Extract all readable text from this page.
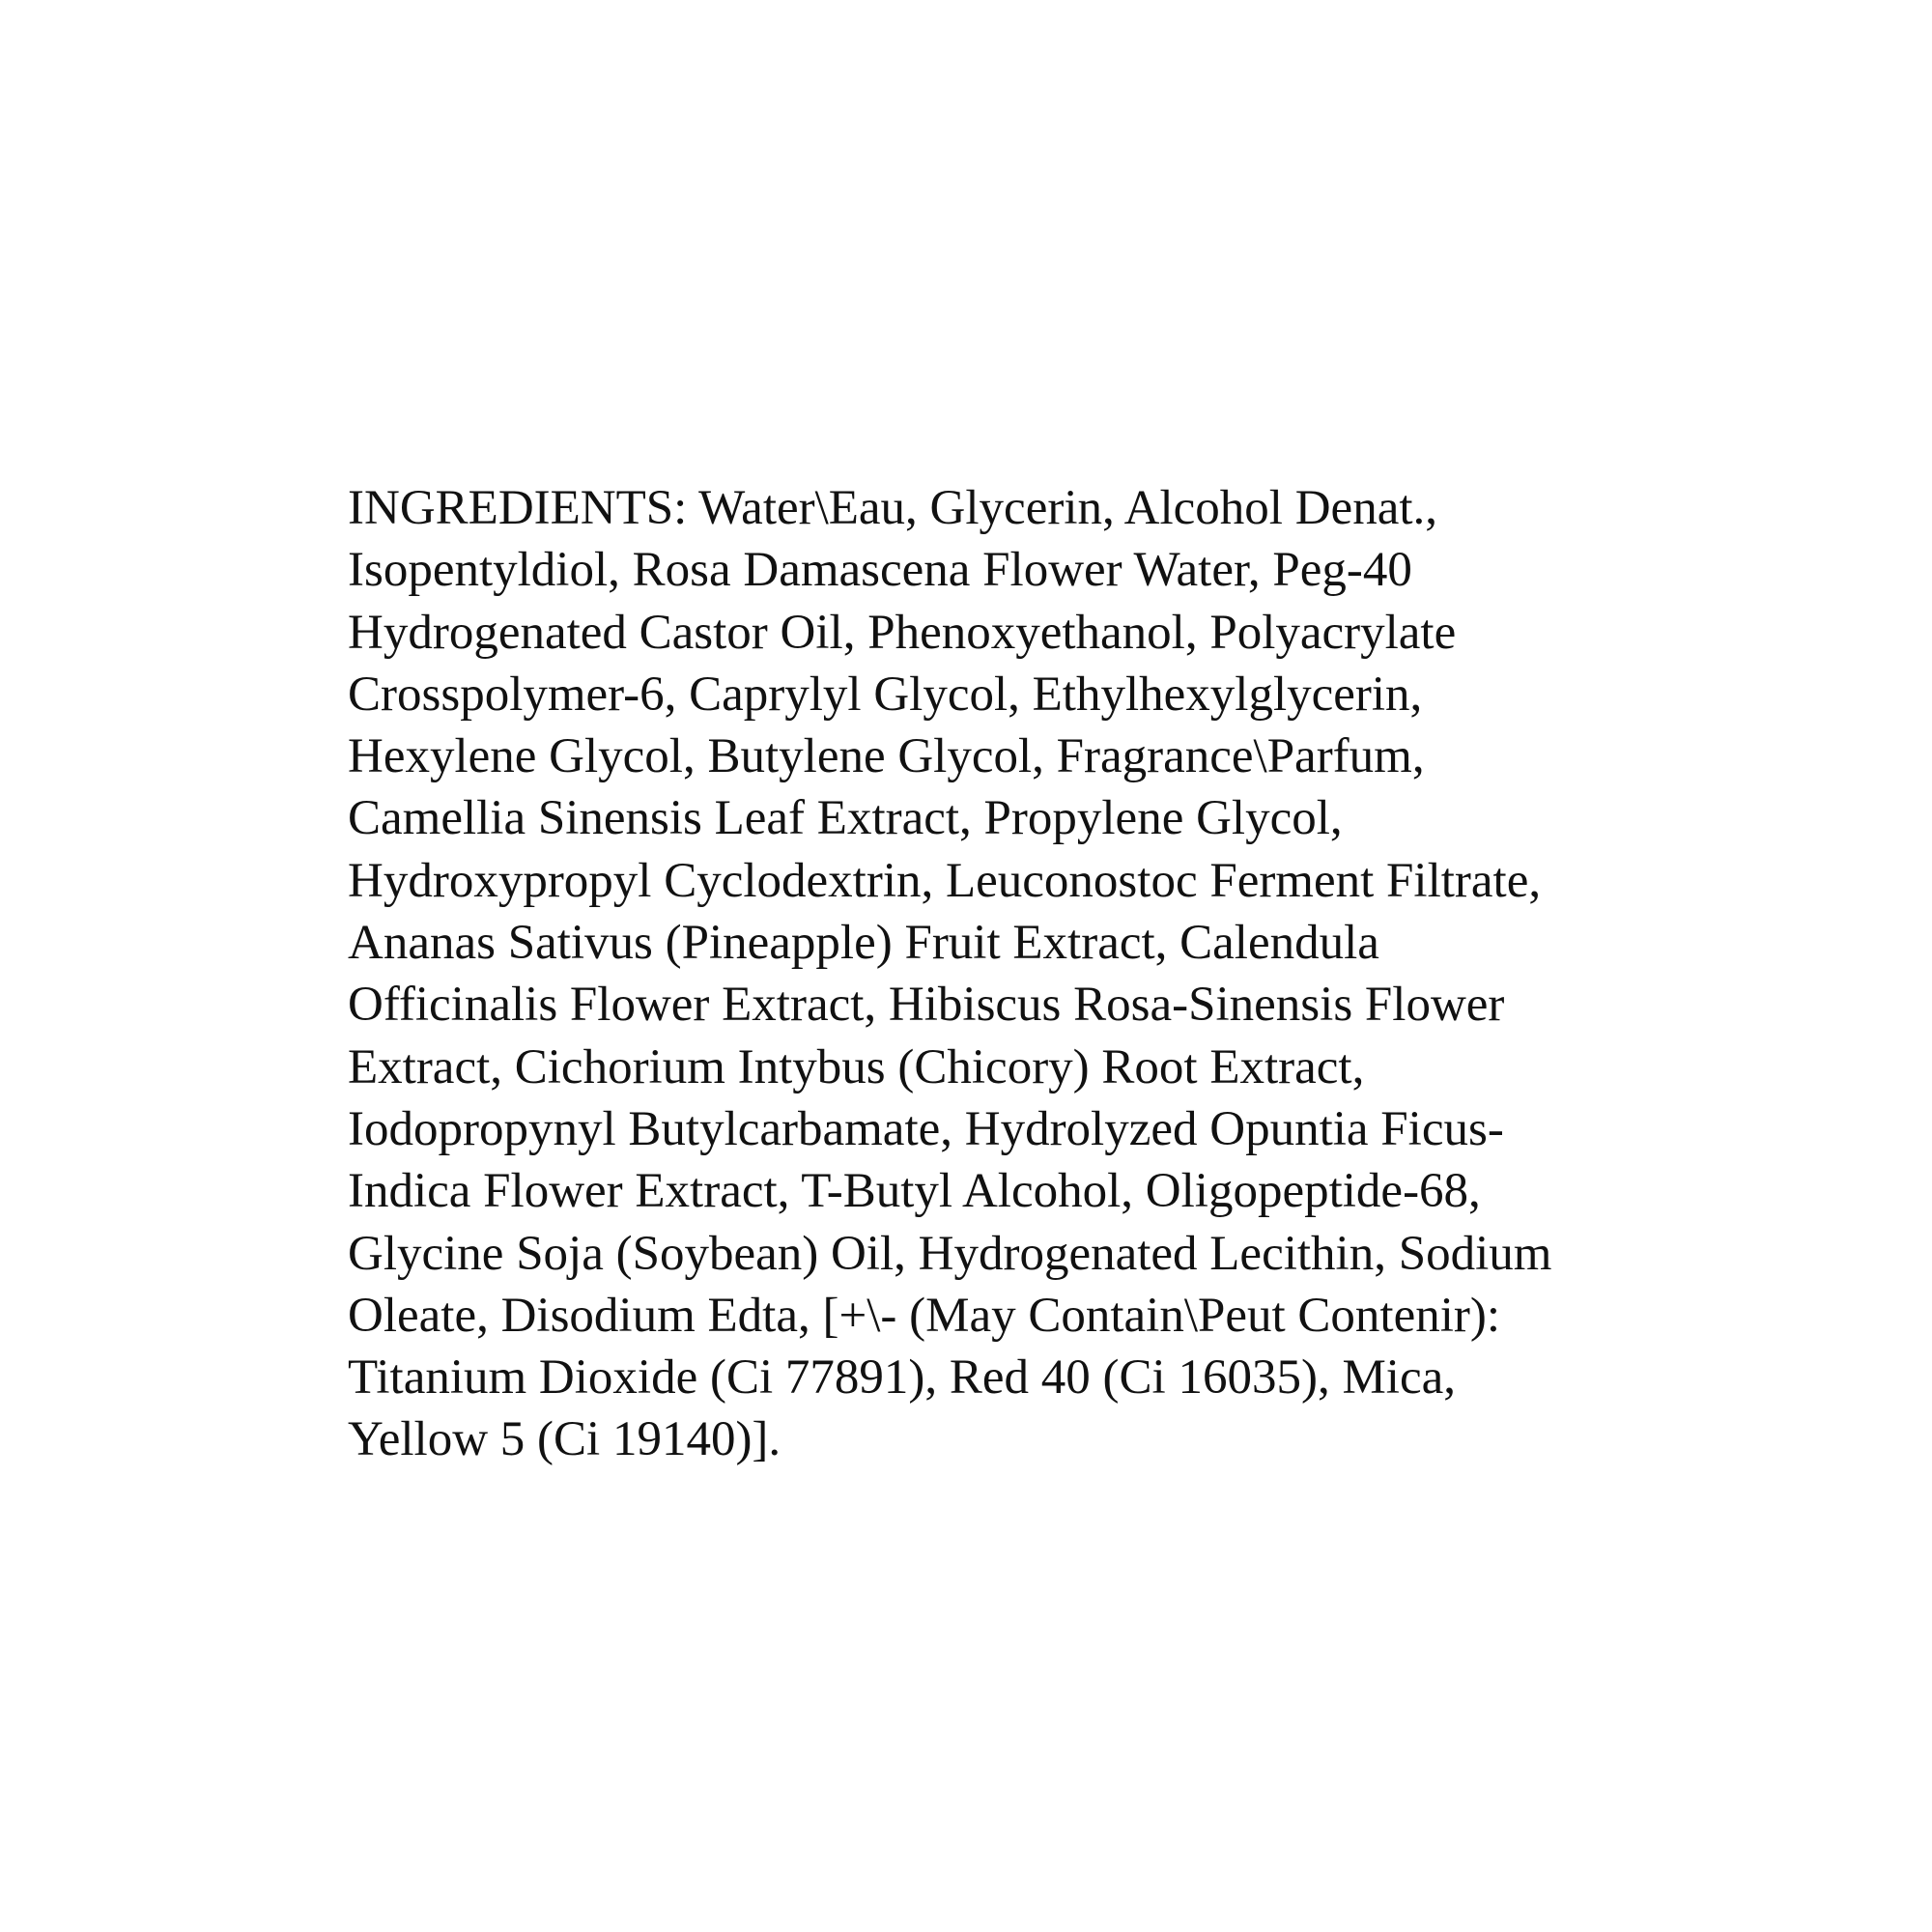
INGREDIENTS: Water\Eau, Glycerin, Alcohol Denat.,

Isopentyldiol, Rosa Damascena Flower Water, Peg-40

Hydrogenated Castor Oil, Phenoxyethanol, Polyacrylate

Crosspolymer-6, Caprylyl Glycol, Ethylhexylglycerin,

Hexylene Glycol, Butylene Glycol, Fragrance\Parfum,

Camellia Sinensis Leaf Extract, Propylene Glycol,

Hydroxypropyl Cyclodextrin, Leuconostoc Ferment Filtrate,

Ananas Sativus (Pineapple) Fruit Extract, Calendula

Officinalis Flower Extract, Hibiscus Rosa-Sinensis Flower

Extract, Cichorium Intybus (Chicory) Root Extract,

Iodopropynyl Butylcarbamate, Hydrolyzed Opuntia Ficus-

Indica Flower Extract, T-Butyl Alcohol, Oligopeptide-68,

Glycine Soja (Soybean) Oil, Hydrogenated Lecithin, Sodium

Oleate, Disodium Edta, [+\- (May Contain\Peut Contenir):

Titanium Dioxide (Ci 77891), Red 40 (Ci 16035), Mica,

Yellow 5 (Ci 19140)].
